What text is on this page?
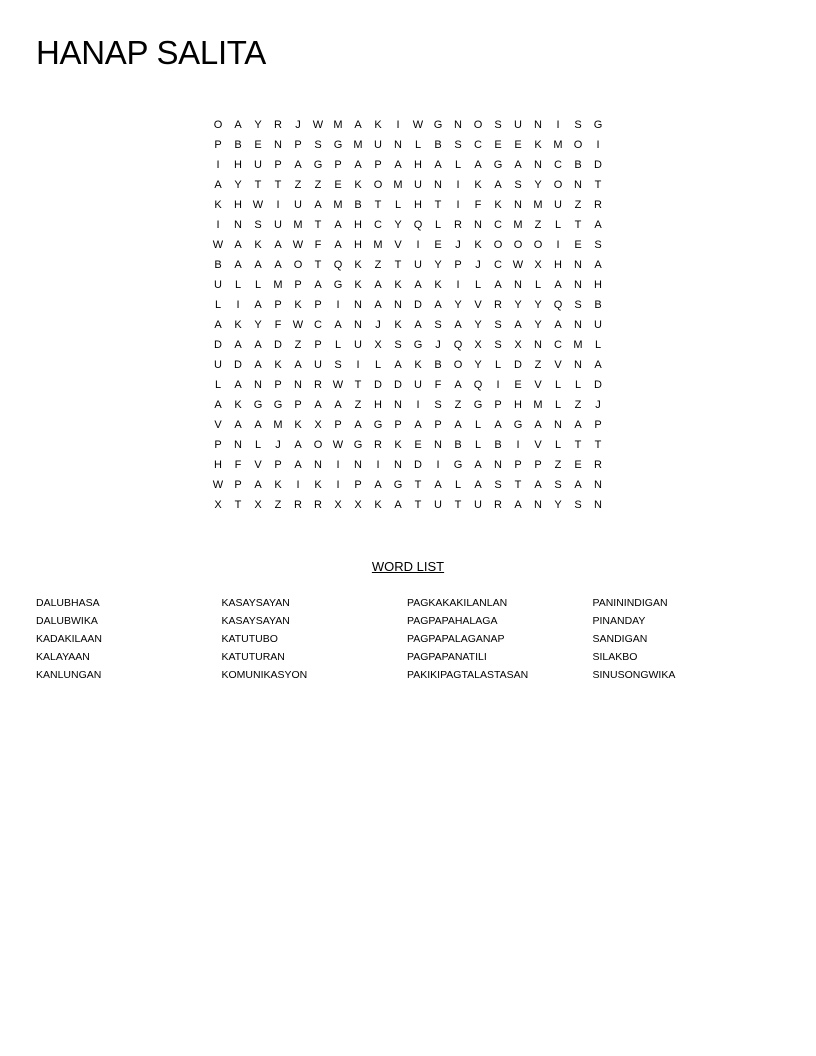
HANAP SALITA
O	A	Y	R	J	W M	A	K	I	W G	N	O	S	U	N	I	S	G
P	B	E	N	P	S	G	M	U	N	L	B	S	C	E	E	K	M	O	I
I	H	U	P	A	G	P	A	P	A	H	A	L	A	G	A	N	C	B	D
A	Y	T	T	Z	Z	E	K	O	M	U	N	I	K	A	S	Y	O	N	T
K	H W	I	U	A	M	B	T	L	H	T	I	F	K	N	M	U	Z	R
I	N	S	U	M	T	A	H	C	Y	Q	L	R	N	C	M	Z	L	T	A
W	A	K	A	W	F	A	H	M	V	I	E	J	K	O	O	O	I	E	S
B	A	A	A	O	T	Q	K	Z	T	U	Y	P	J	C W	X	H	N	A
U	L	L	M	P	A	G	K	A	K	A	K	I	L	A	N	L	A	N	H
L	I	A	P	K	P	I	N	A	N	D	A	Y	V	R	Y	Y	Q	S	B
A	K	Y	F	W C	A	N	J	K	A	S	A	Y	S	A	Y	A	N	U
D	A	A	D	Z	P	L	U	X	S	G	J	Q	X	S	X	N	C	M	L
U	D	A	K	A	U	S	I	L	A	K	B	O	Y	L	D	Z	V	N	A
L	A	N	P	N	R W	T	D	D	U	F	A	Q	I	E	V	L	L	D
A	K	G	G	P	A	A	Z	H	N	I	S	Z	G	P	H	M	L	Z	J
V	A	A	M	K	X	P	A	G	P	A	P	A	L	A	G	A	N	A	P
P	N	L	J	A	O W G	R	K	E	N	B	L	B	I	V	L	T	T
H	F	V	P	A	N	I	N	I	N	D	I	G	A	N	P	P	Z	E	R
W	P	A	K	I	K	I	P	A	G	T	A	L	A	S	T	A	S	A	N
X	T	X	Z	R	R	X	X	K	A	T	U	T	U	R	A	N	Y	S	N
WORD LIST
DALUBHASA
DALUBWIKA
KADAKILAAN
KALAYAAN
KANLUNGAN
KASAYSAYAN
KASAYSAYAN
KATUTUBO
KATUTURAN
KOMUNIKASYON
PAGKAKAKILANLAN
PAGPAPAHALAGA
PAGPAPALAGANAP
PAGPAPANATILI
PAKIKIPAGTALASTASAN
PANININDIGAN
PINANDAY
SANDIGAN
SILAKBO
SINUSONGWIKA
